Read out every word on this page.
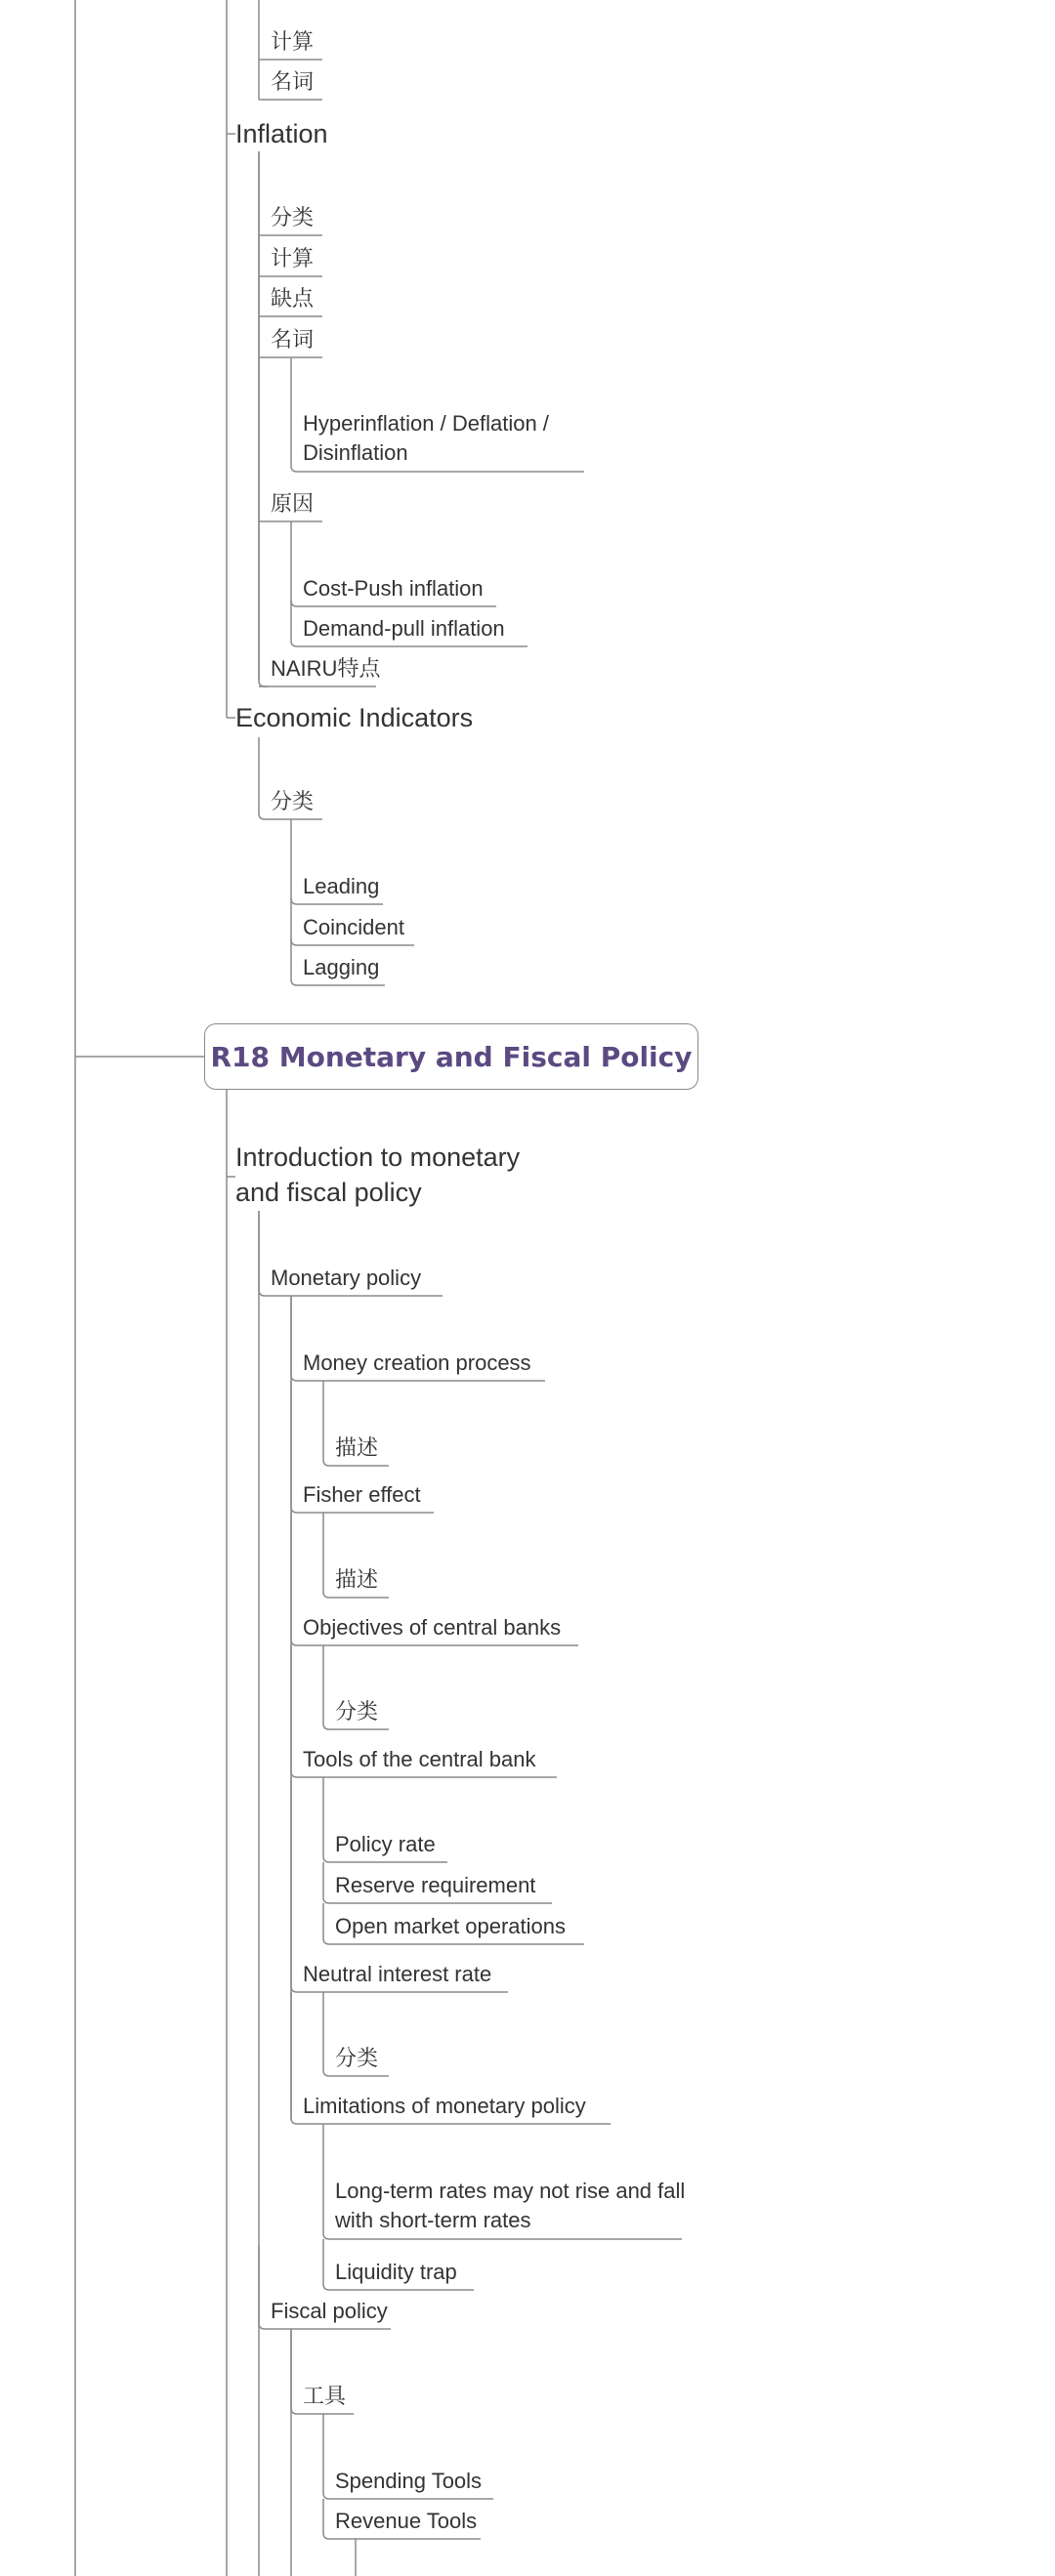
计算
名词
Inflation
分类
计算
缺点
名词
Hyperinflation / Deflation / Disinflation
原因
Cost-Push inflation
Demand-pull inflation
NAIRU特点
Economic Indicators
分类
Leading
Coincident
Lagging
R18 Monetary and Fiscal Policy
Introduction to monetary and fiscal policy
Monetary policy
Money creation process
描述
Fisher effect
描述
Objectives of central banks
分类
Tools of the central bank
Policy rate
Reserve requirement
Open market operations
Neutral interest rate
分类
Limitations of monetary policy
Long-term rates may not rise and fall with short-term rates
Liquidity trap
Fiscal policy
工具
Spending Tools
Revenue Tools
